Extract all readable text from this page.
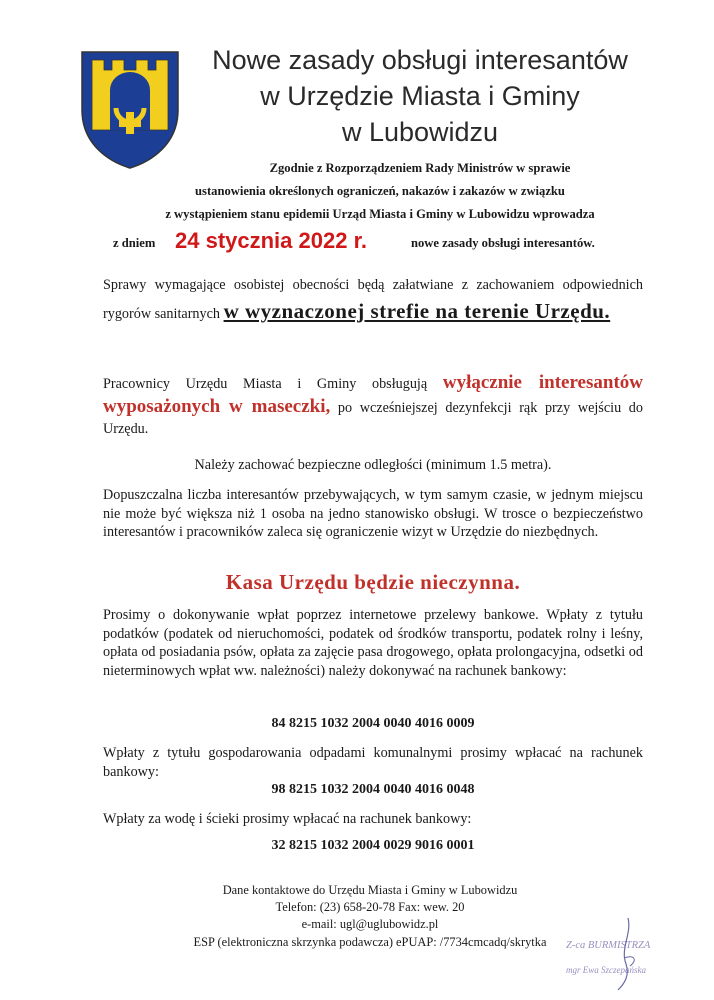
Nowe zasady obsługi interesantów
w Urzędzie Miasta i Gminy
w Lubowidzu
Zgodnie z Rozporządzeniem Rady Ministrów w sprawie
ustanowienia określonych ograniczeń, nakazów i zakazów w związku
z wystąpieniem stanu epidemii Urząd Miasta i Gminy w Lubowidzu wprowadza
z dniem 24 stycznia 2022 r.	nowe zasady obsługi interesantów.
Sprawy wymagające osobistej obecności będą załatwiane z zachowaniem odpowiednich rygorów sanitarnych w wyznaczonej strefie na terenie Urzędu.
Pracownicy Urzędu Miasta i Gminy obsługują wyłącznie interesantów wyposażonych w maseczki, po wcześniejszej dezynfekcji rąk przy wejściu do Urzędu.
Należy zachować bezpieczne odległości (minimum 1.5 metra).
Dopuszczalna liczba interesantów przebywających, w tym samym czasie, w jednym miejscu nie może być większa niż 1 osoba na jedno stanowisko obsługi. W trosce o bezpieczeństwo interesantów i pracowników zaleca się ograniczenie wizyt w Urzędzie do niezbędnych.
Kasa Urzędu będzie nieczynna.
Prosimy o dokonywanie wpłat poprzez internetowe przelewy bankowe. Wpłaty z tytułu podatków (podatek od nieruchomości, podatek od środków transportu, podatek rolny i leśny, opłata od posiadania psów, opłata za zajęcie pasa drogowego, opłata prolongacyjna, odsetki od nieterminowych wpłat ww. należności) należy dokonywać na rachunek bankowy:
84 8215 1032 2004 0040 4016 0009
Wpłaty z tytułu gospodarowania odpadami komunalnymi prosimy wpłacać na rachunek bankowy:
98 8215 1032 2004 0040 4016 0048
Wpłaty za wodę i ścieki prosimy wpłacać na rachunek bankowy:
32 8215 1032 2004 0029 9016 0001
Dane kontaktowe do Urzędu Miasta i Gminy w Lubowidzu
Telefon: (23) 658-20-78 Fax: wew. 20
e-mail: ugl@uglubowidz.pl
ESP (elektroniczna skrzynka podawcza) ePUAP: /7734cmcadq/skrytka	Z-ca BURMISTRZA
mgr Ewa Szczepańska
